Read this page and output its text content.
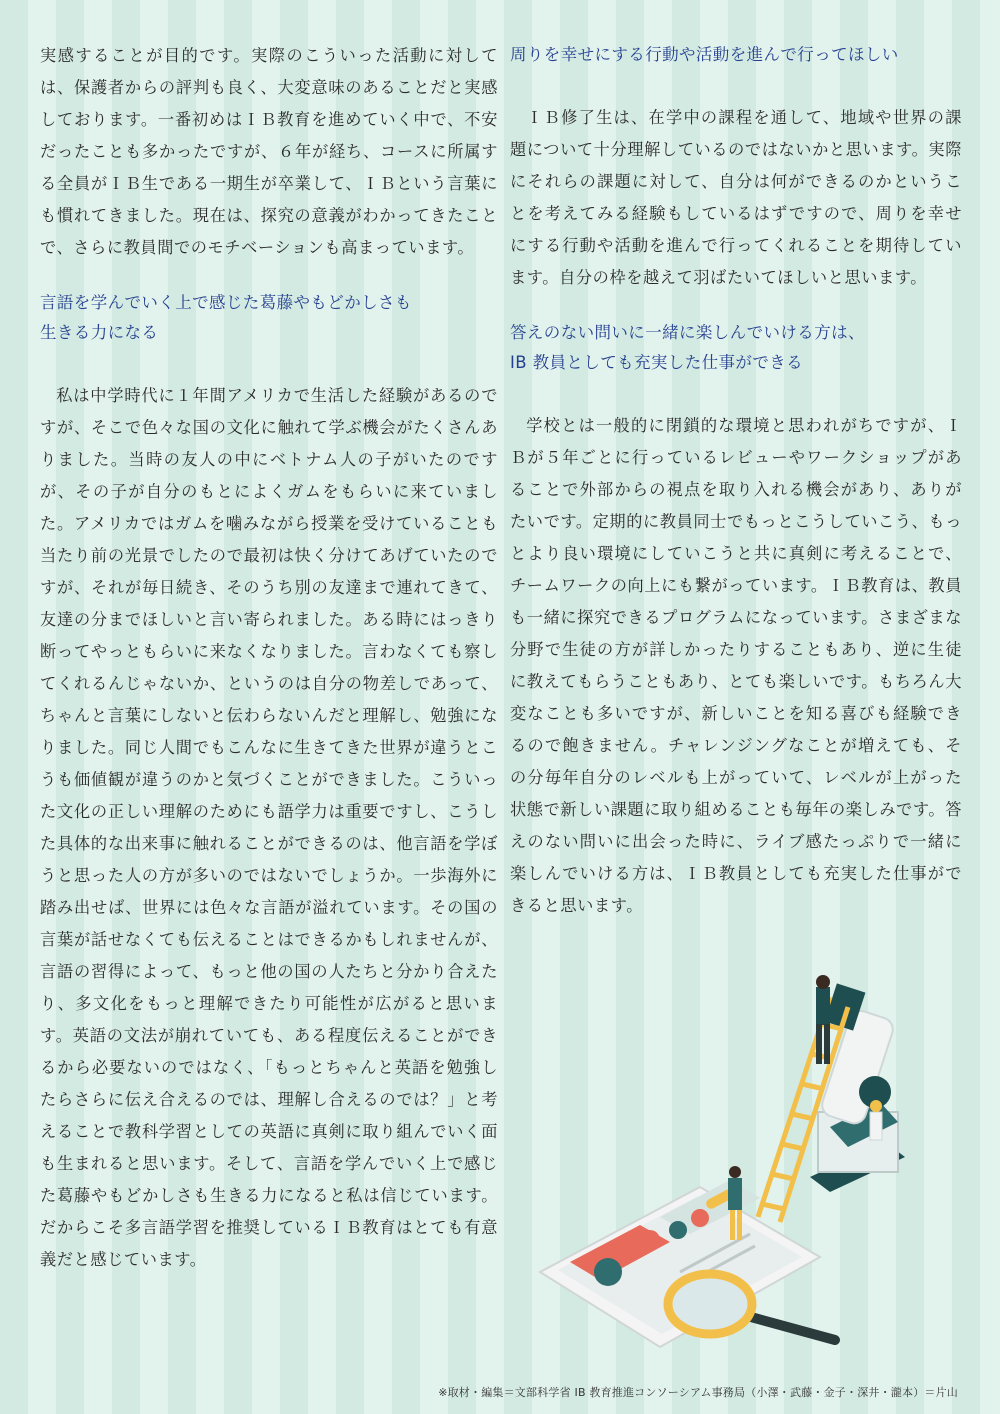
実感することが目的です。実際のこういった活動に対しては、保護者からの評判も良く、大変意味のあることだと実感しております。一番初めはＩＢ教育を進めていく中で、不安だったことも多かったですが、６年が経ち、コースに所属する全員がＩＢ生である一期生が卒業して、ＩＢという言葉にも慣れてきました。現在は、探究の意義がわかってきたことで、さらに教員間でのモチベーションも高まっています。

言語を学んでいく上で感じた葛藤やもどかしさも

生きる力になる

私は中学時代に１年間アメリカで生活した経験があるのですが、そこで色々な国の文化に触れて学ぶ機会がたくさんありました。当時の友人の中にベトナム人の子がいたのですが、その子が自分のもとによくガムをもらいに来ていました。アメリカではガムを噛みながら授業を受けていることも当たり前の光景でしたので最初は快く分けてあげていたのですが、それが毎日続き、そのうち別の友達まで連れてきて、友達の分までほしいと言い寄られました。ある時にはっきり断ってやっともらいに来なくなりました。言わなくても察してくれるんじゃないか、というのは自分の物差しであって、ちゃんと言葉にしないと伝わらないんだと理解し、勉強になりました。同じ人間でもこんなに生きてきた世界が違うとこうも価値観が違うのかと気づくことができました。こういった文化の正しい理解のためにも語学力は重要ですし、こうした具体的な出来事に触れることができるのは、他言語を学ぼうと思った人の方が多いのではないでしょうか。一歩海外に踏み出せば、世界には色々な言語が溢れています。その国の言葉が話せなくても伝えることはできるかもしれませんが、言語の習得によって、もっと他の国の人たちと分かり合えたり、多文化をもっと理解できたり可能性が広がると思います。英語の文法が崩れていても、ある程度伝えることができるから必要ないのではなく、「もっとちゃんと英語を勉強したらさらに伝え合えるのでは、理解し合えるのでは？」と考えることで教科学習としての英語に真剣に取り組んでいく面も生まれると思います。そして、言語を学んでいく上で感じた葛藤やもどかしさも生きる力になると私は信じています。だからこそ多言語学習を推奨しているＩＢ教育はとても有意義だと感じています。

周りを幸せにする行動や活動を進んで行ってほしい

ＩＢ修了生は、在学中の課程を通して、地域や世界の課題について十分理解しているのではないかと思います。実際にそれらの課題に対して、自分は何ができるのかということを考えてみる経験もしているはずですので、周りを幸せにする行動や活動を進んで行ってくれることを期待しています。自分の枠を越えて羽ばたいてほしいと思います。

答えのない問いに一緒に楽しんでいける方は、

IB 教員としても充実した仕事ができる

学校とは一般的に閉鎖的な環境と思われがちですが、ＩＢが５年ごとに行っているレビューやワークショップがあることで外部からの視点を取り入れる機会があり、ありがたいです。定期的に教員同士でもっとこうしていこう、もっとより良い環境にしていこうと共に真剣に考えることで、チームワークの向上にも繋がっています。ＩＢ教育は、教員も一緒に探究できるプログラムになっています。さまざまな分野で生徒の方が詳しかったりすることもあり、逆に生徒に教えてもらうこともあり、とても楽しいです。もちろん大変なことも多いですが、新しいことを知る喜びも経験できるので飽きません。チャレンジングなことが増えても、その分毎年自分のレベルも上がっていて、レベルが上がった状態で新しい課題に取り組めることも毎年の楽しみです。答えのない問いに出会った時に、ライブ感たっぷりで一緒に楽しんでいける方は、ＩＢ教員としても充実した仕事ができると思います。

※取材・編集＝文部科学省 IB 教育推進コンソーシアム事務局（小澤・武藤・金子・深井・瀧本）＝片山
